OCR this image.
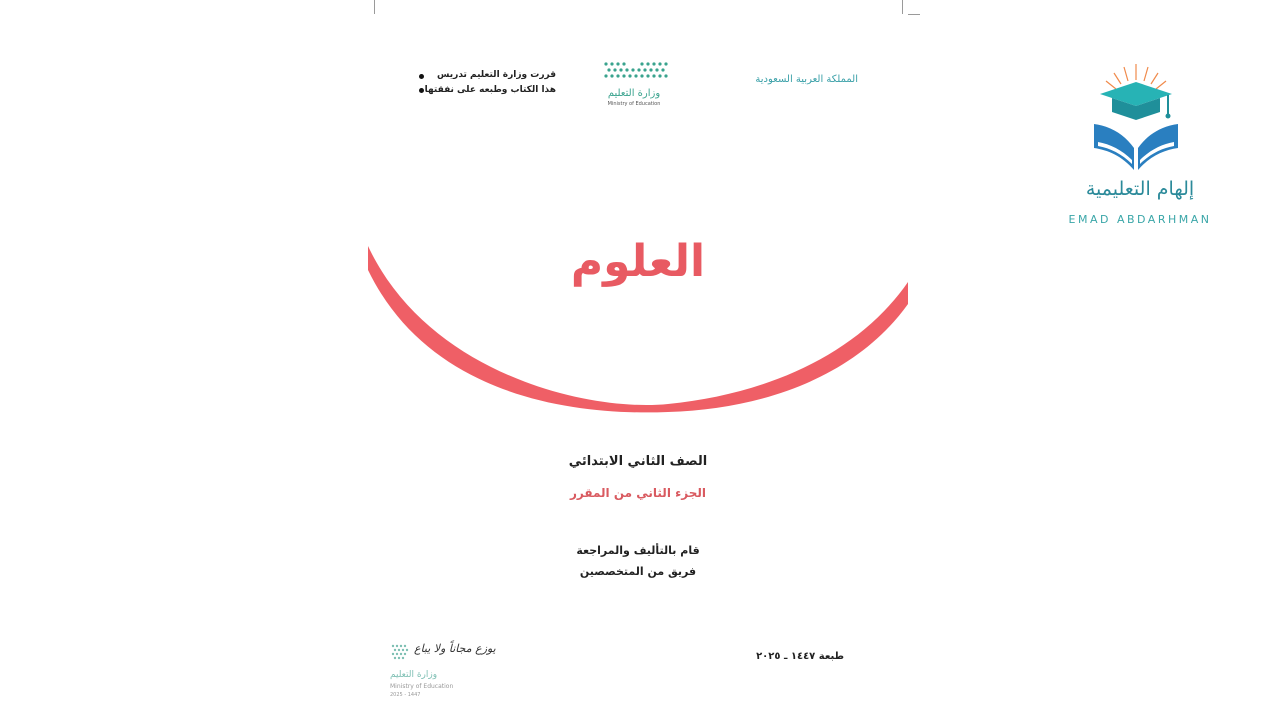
قررت وزارة التعليم تدريس
هذا الكتاب وطبعه على نفقتها	وزارة التعليم
Ministry of Education
المملكة العربية السعودية
العلوم
الصف الثاني الابتدائي
الجزء الثاني من المقرر
قام بالتأليف والمراجعة
فريق من المتخصصين
طبعة ١٤٤٧ ـ ٢٠٢٥
يوزع مجاناً ولا يباع
وزارة التعليم
Ministry of Education
2025 - 1447
إلهام التعليمية
EMAD ABDARHMAN
